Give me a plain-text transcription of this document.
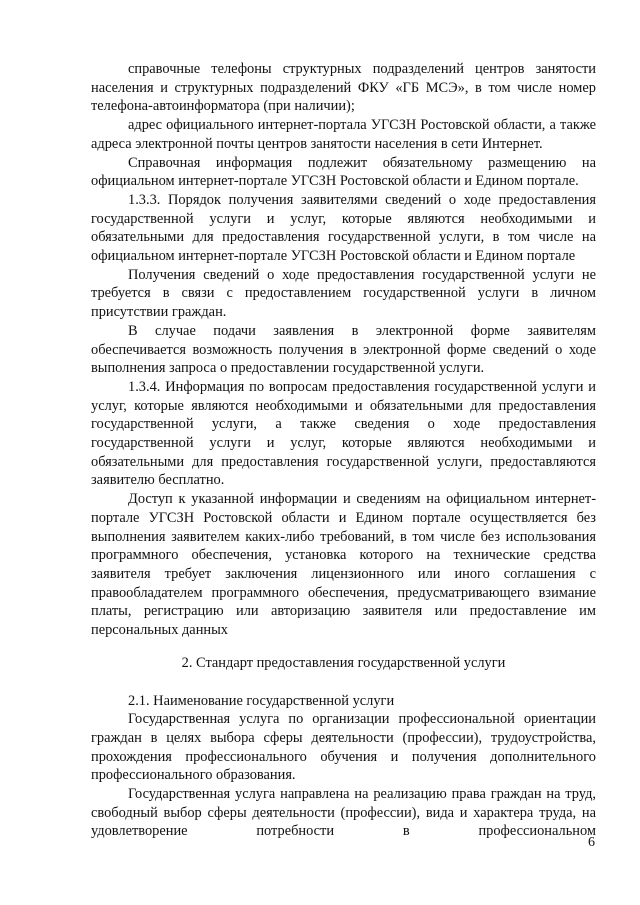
справочные телефоны структурных подразделений центров занятости населения и структурных подразделений ФКУ «ГБ МСЭ», в том числе номер телефона-автоинформатора (при наличии);

адрес официального интернет-портала УГСЗН Ростовской области, а также адреса электронной почты центров занятости населения в сети Интернет.

Справочная информация подлежит обязательному размещению на официальном интернет-портале УГСЗН Ростовской области и Едином портале.

1.3.3. Порядок получения заявителями сведений о ходе предоставления государственной услуги и услуг, которые являются необходимыми и обязательными для предоставления государственной услуги, в том числе на официальном интернет-портале УГСЗН Ростовской области и Едином портале

Получения сведений о ходе предоставления государственной услуги не требуется в связи с предоставлением государственной услуги в личном присутствии граждан.

В случае подачи заявления в электронной форме заявителям обеспечивается возможность получения в электронной форме сведений о ходе выполнения запроса о предоставлении государственной услуги.

1.3.4. Информация по вопросам предоставления государственной услуги и услуг, которые являются необходимыми и обязательными для предоставления государственной услуги, а также сведения о ходе предоставления государственной услуги и услуг, которые являются необходимыми и обязательными для предоставления государственной услуги, предоставляются заявителю бесплатно.

Доступ к указанной информации и сведениям на официальном интернет-портале УГСЗН Ростовской области и Едином портале осуществляется без выполнения заявителем каких-либо требований, в том числе без использования программного обеспечения, установка которого на технические средства заявителя требует заключения лицензионного или иного соглашения с правообладателем программного обеспечения, предусматривающего взимание платы, регистрацию или авторизацию заявителя или предоставление им персональных данных

2. Стандарт предоставления государственной услуги

2.1. Наименование государственной услуги

Государственная услуга по организации профессиональной ориентации граждан в целях выбора сферы деятельности (профессии), трудоустройства, прохождения профессионального обучения и получения дополнительного профессионального образования.

Государственная услуга направлена на реализацию права граждан на труд, свободный выбор сферы деятельности (профессии), вида и характера труда, на удовлетворение потребности в профессиональном

6
